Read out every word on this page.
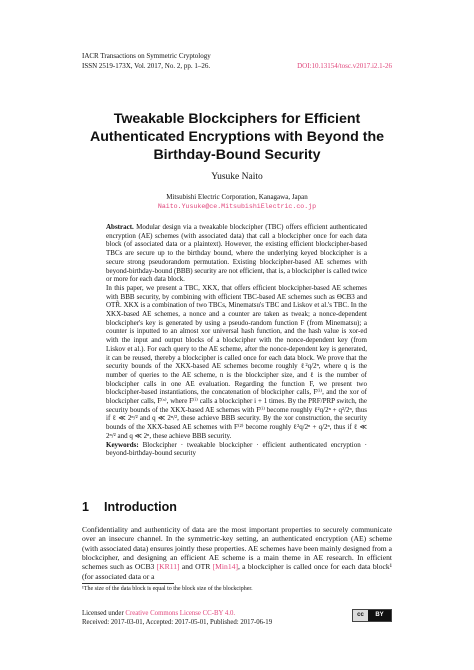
IACR Transactions on Symmetric Cryptology
ISSN 2519-173X, Vol. 2017, No. 2, pp. 1–26.	DOI:10.13154/tosc.v2017.i2.1-26
Tweakable Blockciphers for Efficient
Authenticated Encryptions with Beyond the
Birthday-Bound Security
Yusuke Naito
Mitsubishi Electric Corporation, Kanagawa, Japan
Naito.Yusuke@ce.MitsubishiElectric.co.jp

Abstract. Modular design via a tweakable blockcipher (TBC) offers efficient authenticated encryption (AE) schemes (with associated data) that call a blockcipher once for each data block (of associated data or a plaintext). However, the existing efficient blockcipher-based TBCs are secure up to the birthday bound, where the underlying keyed blockcipher is a secure strong pseudorandom permutation. Existing blockcipher-based AE schemes with beyond-birthday-bound (BBB) security are not efficient, that is, a blockcipher is called twice or more for each data block.

In this paper, we present a TBC, XKX, that offers efficient blockcipher-based AE schemes with BBB security, by combining with efficient TBC-based AE schemes such as ΘCB3 and OTR̃. XKX is a combination of two TBCs, Minematsu's TBC and Liskov et al.'s TBC. In the XKX-based AE schemes, a nonce and a counter are taken as tweak; a nonce-dependent blockcipher's key is generated by using a pseudo-random function F (from Minematsu); a counter is inputted to an almost xor universal hash function, and the hash value is xor-ed with the input and output blocks of a blockcipher with the nonce-dependent key (from Liskov et al.). For each query to the AE scheme, after the nonce-dependent key is generated, it can be reused, thereby a blockcipher is called once for each data block. We prove that the security bounds of the XKX-based AE schemes become roughly ℓ²q/2ⁿ, where q is the number of queries to the AE scheme, n is the blockcipher size, and ℓ is the number of blockcipher calls in one AE evaluation. Regarding the function F, we present two blockcipher-based instantiations, the concatenation of blockcipher calls, F⁽ⁱ⁾, and the xor of blockcipher calls, F⁽ˣ⁾, where F⁽ⁱ⁾ calls a blockcipher i + 1 times. By the PRF/PRP switch, the security bounds of the XKX-based AE schemes with F⁽ⁱ⁾ become roughly ℓ²q/2ⁿ + q²/2ⁿ, thus if ℓ ≪ 2ⁿ/² and q ≪ 2ⁿ/², these achieve BBB security. By the xor construction, the security bounds of the XKX-based AE schemes with F⁽²⁾ become roughly ℓ²q/2ⁿ + q/2ⁿ, thus if ℓ ≪ 2ⁿ/² and q ≪ 2ⁿ, these achieve BBB security.

Keywords: Blockcipher · tweakable blockcipher · efficient authenticated encryption · beyond-birthday-bound security

1 Introduction

Confidentiality and authenticity of data are the most important properties to securely communicate over an insecure channel. In the symmetric-key setting, an authenticated encryption (AE) scheme (with associated data) ensures jointly these properties. AE schemes have been mainly designed from a blockcipher, and designing an efficient AE scheme is a main theme in AE research. In efficient schemes such as OCB3 [KR11] and OTR [Min14], a blockcipher is called once for each data block¹ (for associated data or a

¹The size of the data block is equal to the block size of the blockcipher.
Licensed under Creative Commons License CC-BY 4.0.
Received: 2017-03-01, Accepted: 2017-05-01, Published: 2017-06-19
cc	BY
